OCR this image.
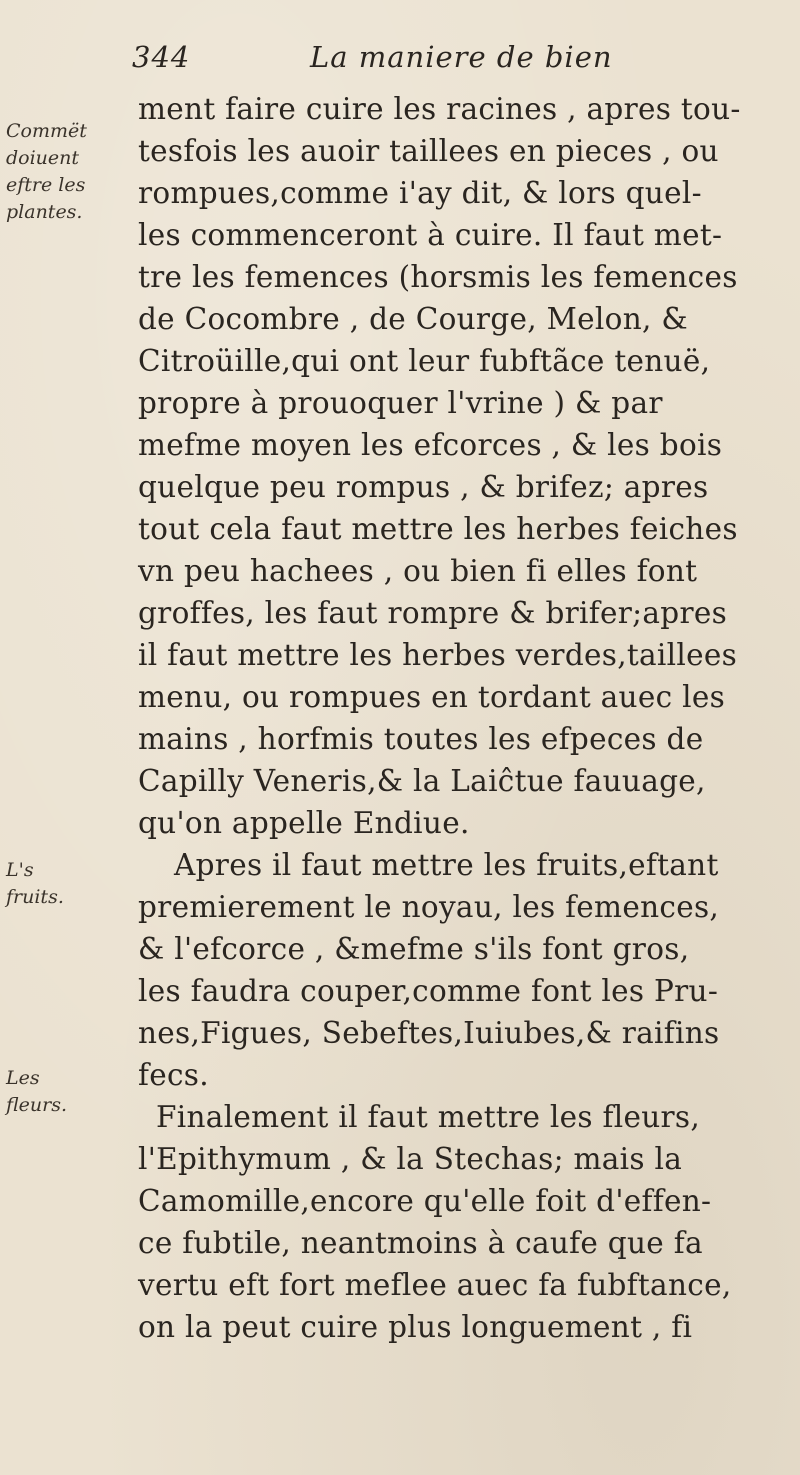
344	La maniere de bien
Commët
doiuent
eftre les
plantes.
L's
fruits.
Les
fleurs.
ment faire cuire les racines , apres tou-
tesfois les auoir taillees en pieces , ou
rompues,comme i'ay dit, & lors quel-
les commenceront à cuire. Il faut met-
tre les femences (horsmis les femences
de Cocombre , de Courge, Melon, &
Citroüille,qui ont leur fubftãce tenuë,
propre à prouoquer l'vrine ) & par
mefme moyen les efcorces , & les bois
quelque peu rompus , & brifez; apres
tout cela faut mettre les herbes feiches
vn peu hachees , ou bien fi elles font
groffes, les faut rompre & brifer;apres
il faut mettre les herbes verdes,taillees
menu, ou rompues en tordant auec les
mains , horfmis toutes les efpeces de
Capilly Veneris,& la Laiĉtue fauuage,
qu'on appelle Endiue.
Apres il faut mettre les fruits,eftant
premierement le noyau, les femences,
& l'efcorce , &mefme s'ils font gros,
les faudra couper,comme font les Pru-
nes,Figues, Sebeftes,Iuiubes,& raifins
fecs.
Finalement il faut mettre les fleurs,
l'Epithymum , & la Stechas; mais la
Camomille,encore qu'elle foit d'effen-
ce fubtile, neantmoins à caufe que fa
vertu eft fort meflee auec fa fubftance,
on la peut cuire plus longuement , fi
